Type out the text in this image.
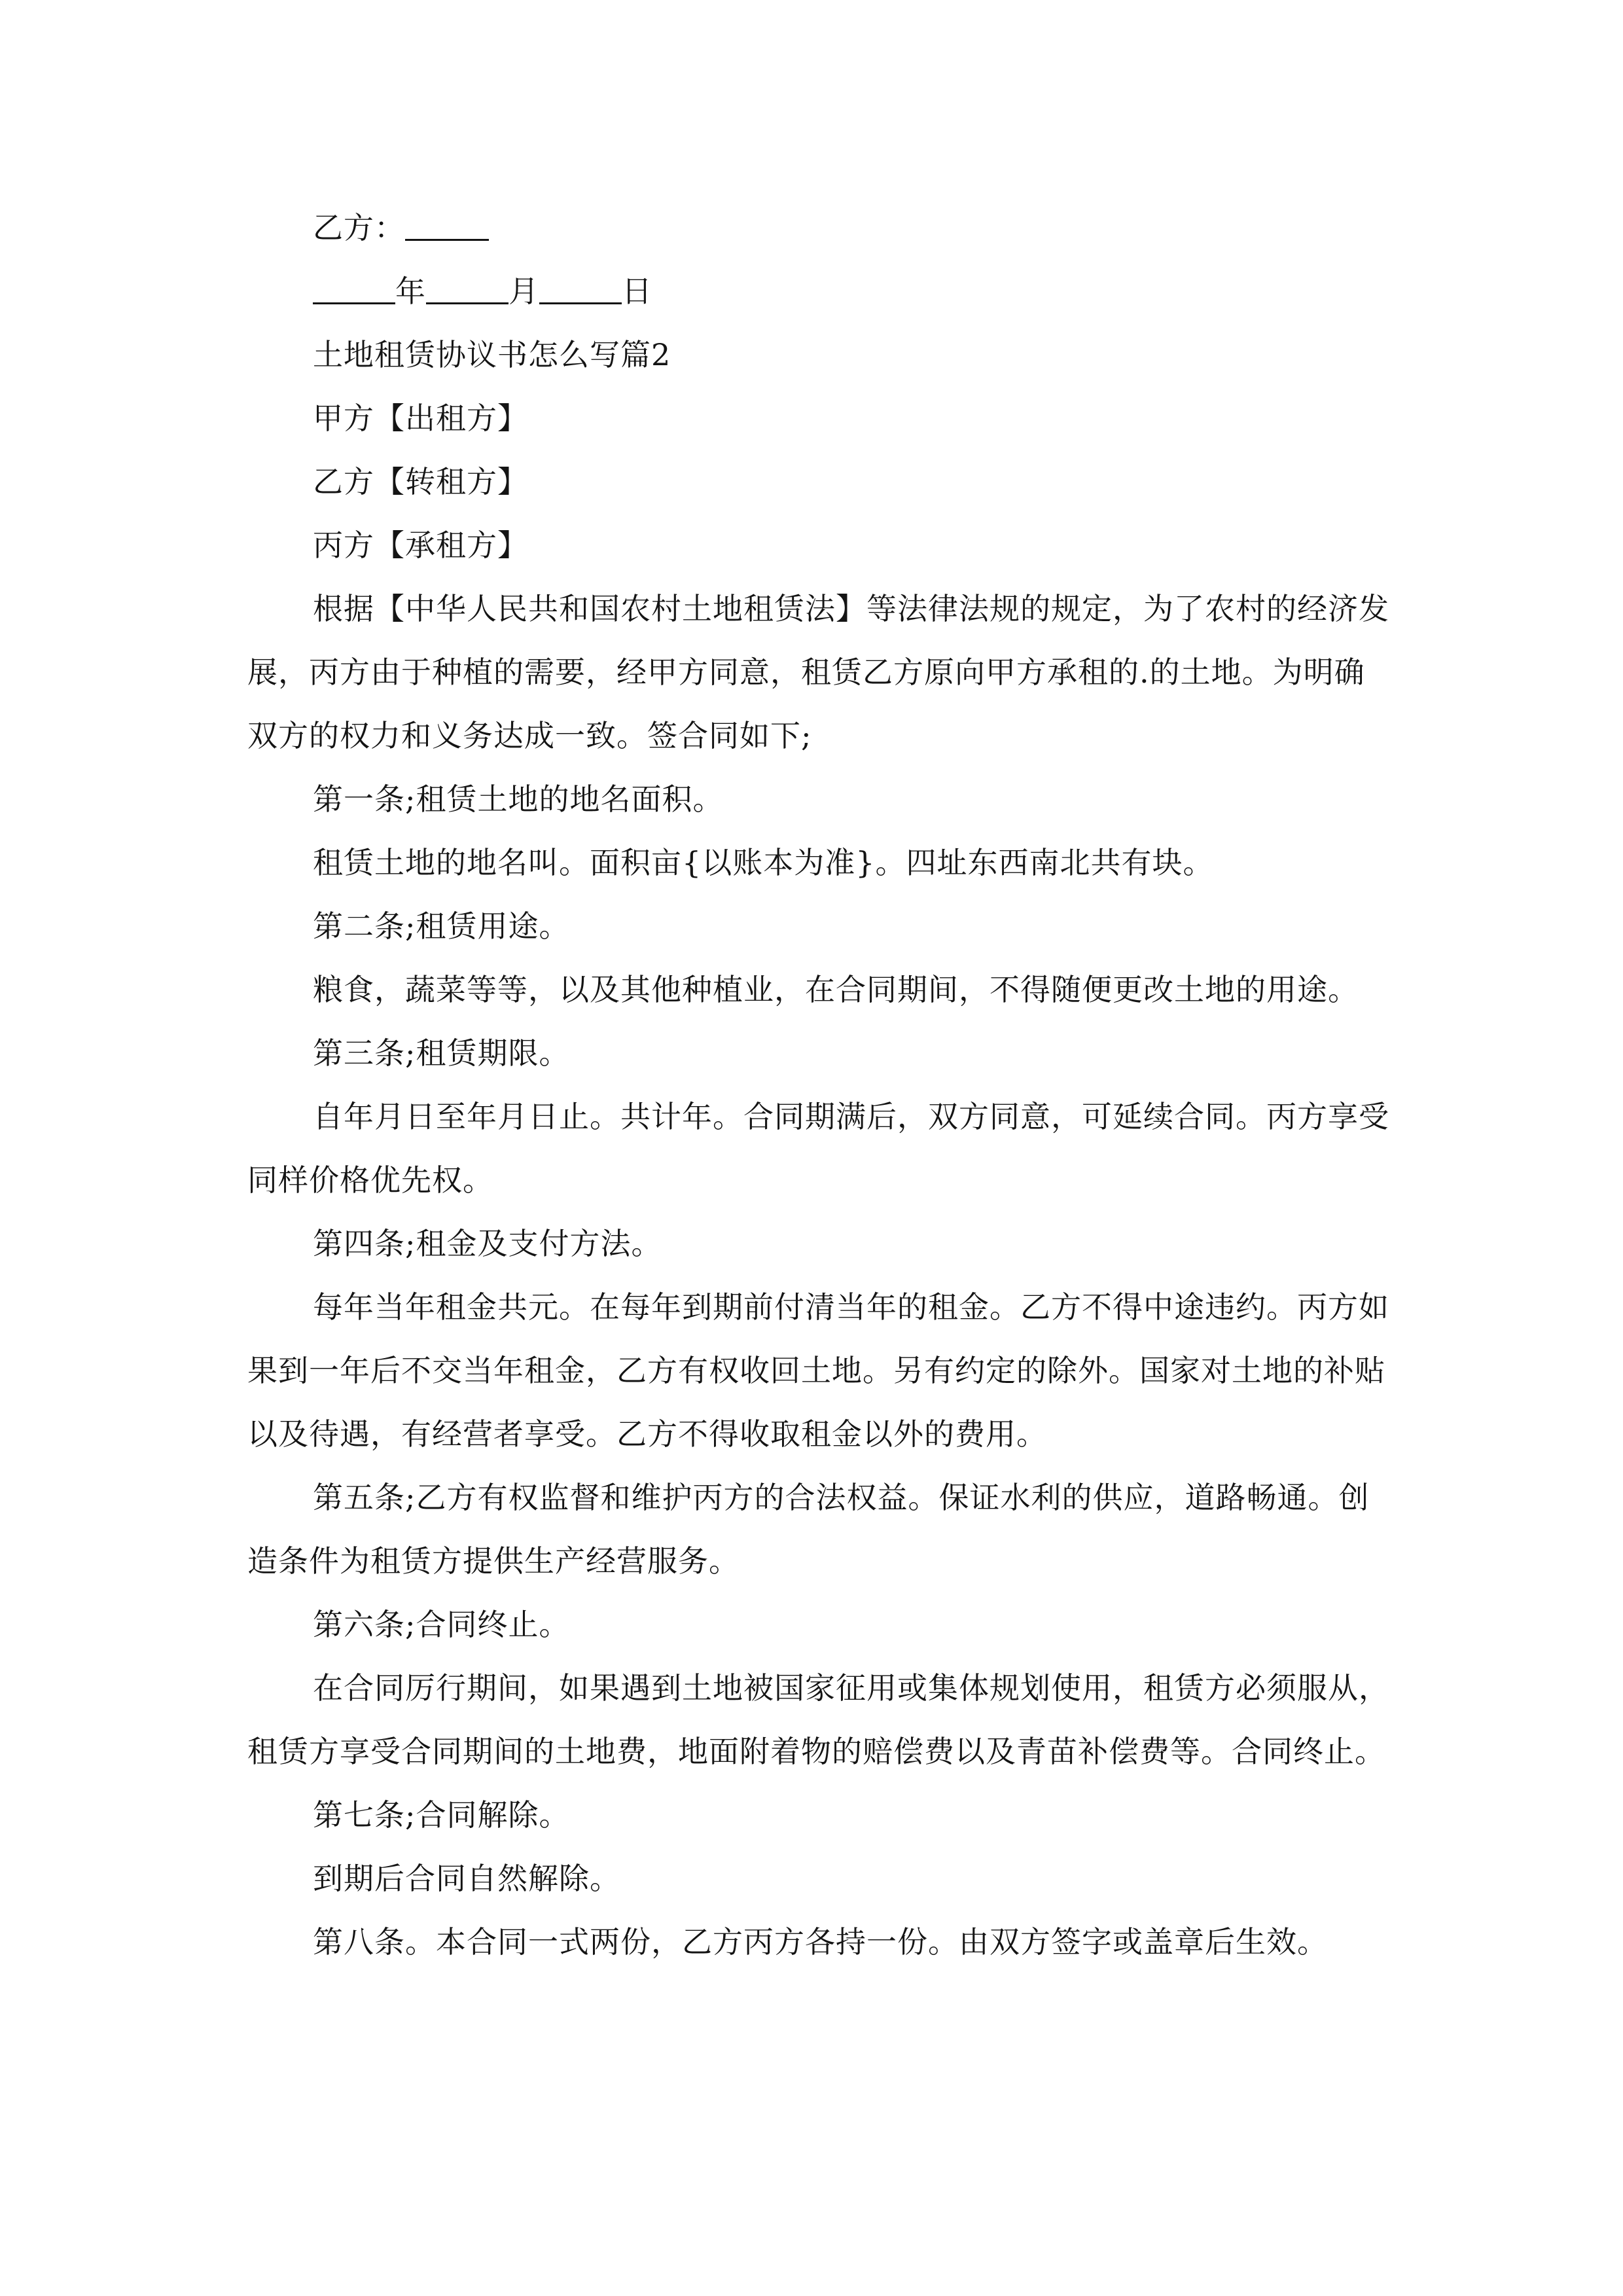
乙方：

年	月	日

土地租赁协议书怎么写篇2

甲方【出租方】

乙方【转租方】

丙方【承租方】

根据【中华人民共和国农村土地租赁法】等法律法规的规定，为了农村的经济发展，丙方由于种植的需要，经甲方同意，租赁乙方原向甲方承租的.的土地。为明确双方的权力和义务达成一致。签合同如下;

第一条;租赁土地的地名面积。

租赁土地的地名叫。面积亩{以账本为准}。四址东西南北共有块。

第二条;租赁用途。

粮食，蔬菜等等，以及其他种植业，在合同期间，不得随便更改土地的用途。

第三条;租赁期限。

自年月日至年月日止。共计年。合同期满后，双方同意，可延续合同。丙方享受同样价格优先权。

第四条;租金及支付方法。

每年当年租金共元。在每年到期前付清当年的租金。乙方不得中途违约。丙方如果到一年后不交当年租金，乙方有权收回土地。另有约定的除外。国家对土地的补贴以及待遇，有经营者享受。乙方不得收取租金以外的费用。

第五条;乙方有权监督和维护丙方的合法权益。保证水利的供应，道路畅通。创造条件为租赁方提供生产经营服务。

第六条;合同终止。

在合同厉行期间，如果遇到土地被国家征用或集体规划使用，租赁方必须服从，租赁方享受合同期间的土地费，地面附着物的赔偿费以及青苗补偿费等。合同终止。

第七条;合同解除。

到期后合同自然解除。

第八条。本合同一式两份，乙方丙方各持一份。由双方签字或盖章后生效。
